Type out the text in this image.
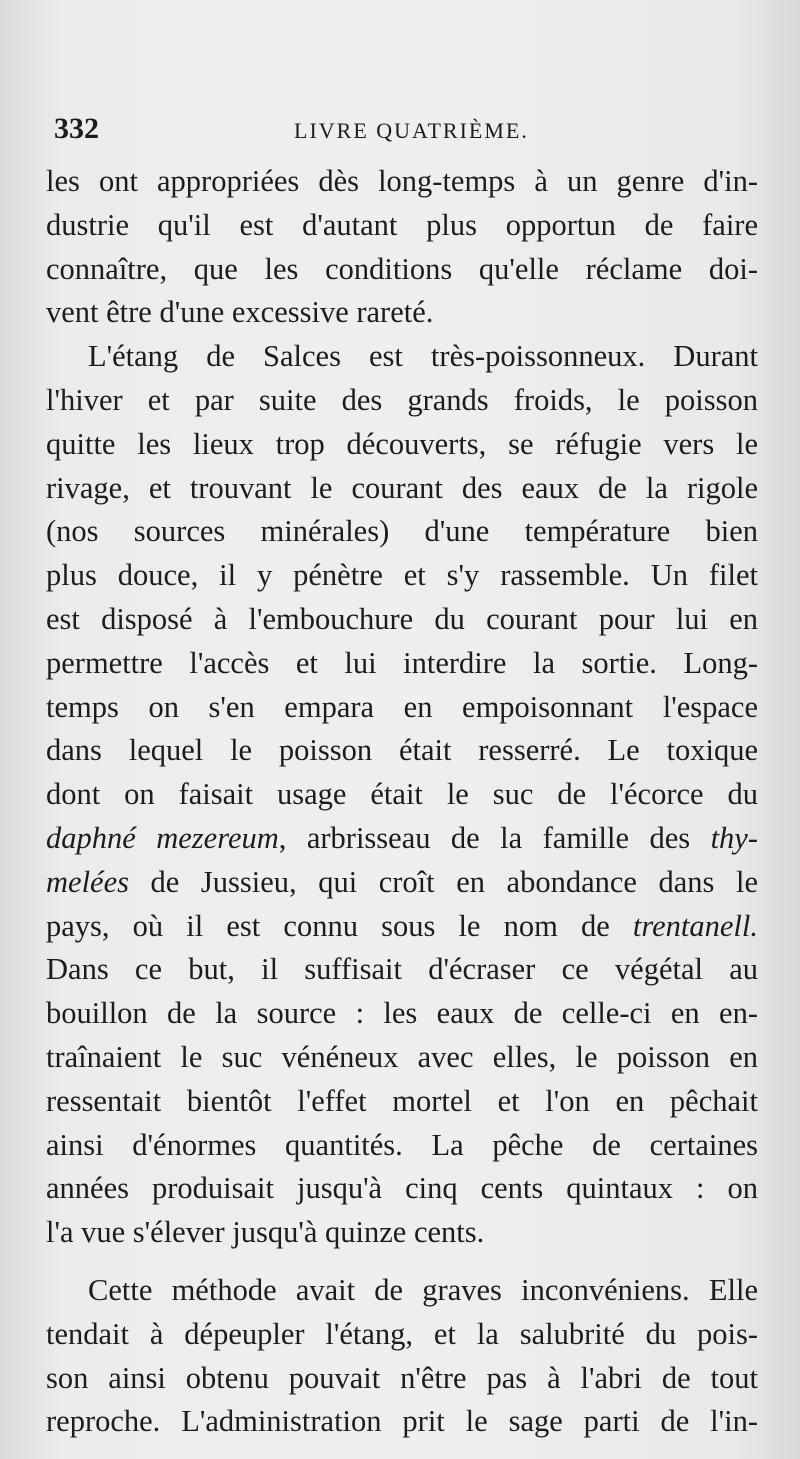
332	LIVRE QUATRIÈME.
les ont appropriées dès long-temps à un genre d'in-
dustrie qu'il est d'autant plus opportun de faire
connaître, que les conditions qu'elle réclame doi-
vent être d'une excessive rareté.
L'étang de Salces est très-poissonneux. Durant
l'hiver et par suite des grands froids, le poisson
quitte les lieux trop découverts, se réfugie vers le
rivage, et trouvant le courant des eaux de la rigole
(nos sources minérales) d'une température bien
plus douce, il y pénètre et s'y rassemble. Un filet
est disposé à l'embouchure du courant pour lui en
permettre l'accès et lui interdire la sortie. Long-
temps on s'en empara en empoisonnant l'espace
dans lequel le poisson était resserré. Le toxique
dont on faisait usage était le suc de l'écorce du
daphné mezereum, arbrisseau de la famille des thy-
melées de Jussieu, qui croît en abondance dans le
pays, où il est connu sous le nom de trentanell.
Dans ce but, il suffisait d'écraser ce végétal au
bouillon de la source : les eaux de celle-ci en en-
traînaient le suc vénéneux avec elles, le poisson en
ressentait bientôt l'effet mortel et l'on en pêchait
ainsi d'énormes quantités. La pêche de certaines
années produisait jusqu'à cinq cents quintaux : on
l'a vue s'élever jusqu'à quinze cents.
Cette méthode avait de graves inconvéniens. Elle
tendait à dépeupler l'étang, et la salubrité du pois-
son ainsi obtenu pouvait n'être pas à l'abri de tout
reproche. L'administration prit le sage parti de l'in-
